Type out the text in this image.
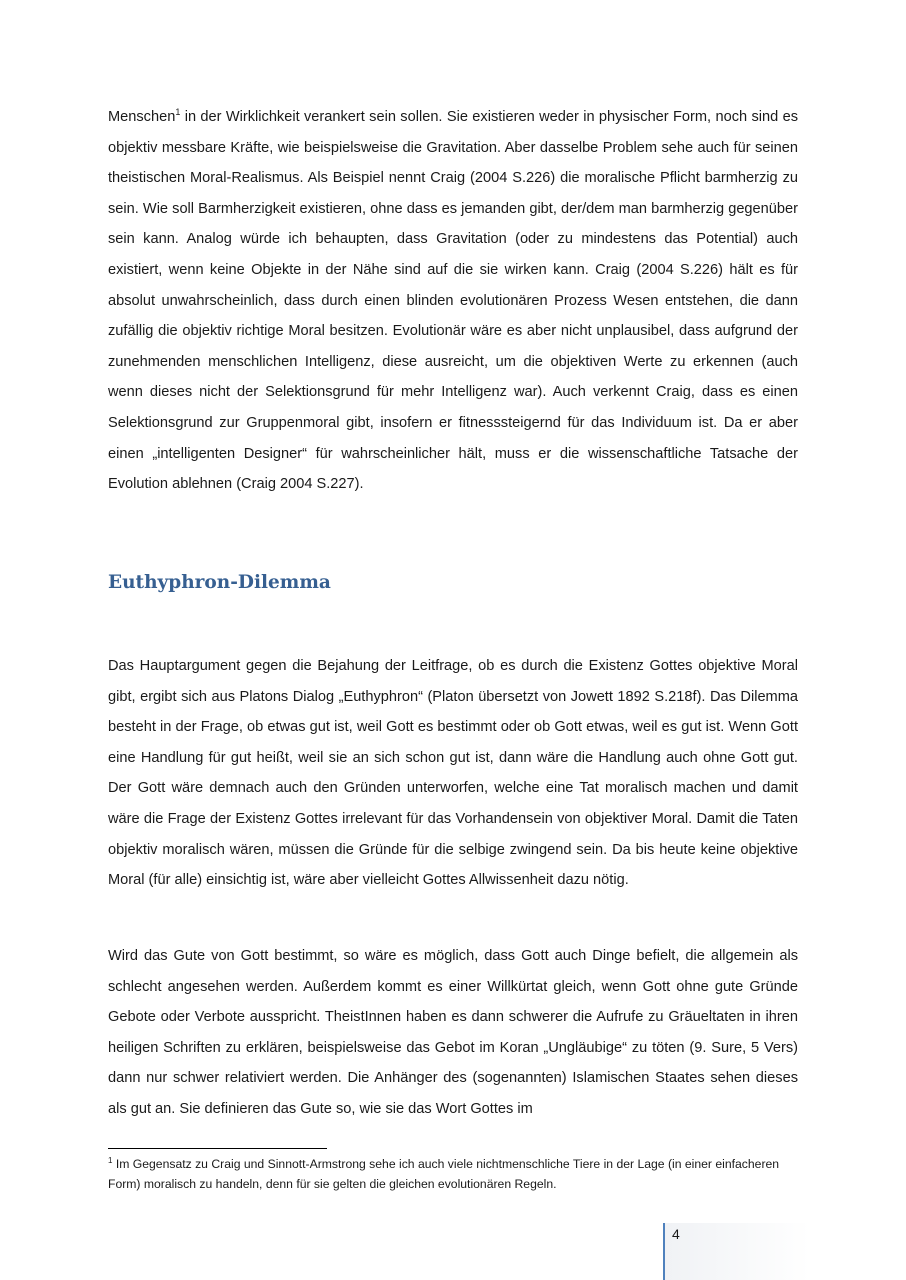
Menschen$^1$ in der Wirklichkeit verankert sein sollen. Sie existieren weder in physischer Form, noch sind es objektiv messbare Kräfte, wie beispielsweise die Gravitation. Aber dasselbe Problem sehe auch für seinen theistischen Moral-Realismus. Als Beispiel nennt Craig (2004 S.226) die moralische Pflicht barmherzig zu sein. Wie soll Barmherzigkeit existieren, ohne dass es jemanden gibt, der/dem man barmherzig gegenüber sein kann. Analog würde ich behaupten, dass Gravitation (oder zu mindestens das Potential) auch existiert, wenn keine Objekte in der Nähe sind auf die sie wirken kann. Craig (2004 S.226) hält es für absolut unwahrscheinlich, dass durch einen blinden evolutionären Prozess Wesen entstehen, die dann zufällig die objektiv richtige Moral besitzen. Evolutionär wäre es aber nicht unplausibel, dass aufgrund der zunehmenden menschlichen Intelligenz, diese ausreicht, um die objektiven Werte zu erkennen (auch wenn dieses nicht der Selektionsgrund für mehr Intelligenz war). Auch verkennt Craig, dass es einen Selektionsgrund zur Gruppenmoral gibt, insofern er fitnesssteigernd für das Individuum ist. Da er aber einen „intelligenten Designer“ für wahrscheinlicher hält, muss er die wissenschaftliche Tatsache der Evolution ablehnen (Craig 2004 S.227).

Euthyphron-Dilemma

Das Hauptargument gegen die Bejahung der Leitfrage, ob es durch die Existenz Gottes objektive Moral gibt, ergibt sich aus Platons Dialog „Euthyphron“ (Platon übersetzt von Jowett 1892 S.218f). Das Dilemma besteht in der Frage, ob etwas gut ist, weil Gott es bestimmt oder ob Gott etwas, weil es gut ist. Wenn Gott eine Handlung für gut heißt, weil sie an sich schon gut ist, dann wäre die Handlung auch ohne Gott gut. Der Gott wäre demnach auch den Gründen unterworfen, welche eine Tat moralisch machen und damit wäre die Frage der Existenz Gottes irrelevant für das Vorhandensein von objektiver Moral. Damit die Taten objektiv moralisch wären, müssen die Gründe für die selbige zwingend sein. Da bis heute keine objektive Moral (für alle) einsichtig ist, wäre aber vielleicht Gottes Allwissenheit dazu nötig.

Wird das Gute von Gott bestimmt, so wäre es möglich, dass Gott auch Dinge befielt, die allgemein als schlecht angesehen werden. Außerdem kommt es einer Willkürtat gleich, wenn Gott ohne gute Gründe Gebote oder Verbote ausspricht. TheistInnen haben es dann schwerer die Aufrufe zu Gräueltaten in ihren heiligen Schriften zu erklären, beispielsweise das Gebot im Koran „Ungläubige“ zu töten (9. Sure, 5 Vers) dann nur schwer relativiert werden. Die Anhänger des (sogenannten) Islamischen Staates sehen dieses als gut an. Sie definieren das Gute so, wie sie das Wort Gottes im

$^1$ Im Gegensatz zu Craig und Sinnott-Armstrong sehe ich auch viele nichtmenschliche Tiere in der Lage (in einer einfacheren Form) moralisch zu handeln, denn für sie gelten die gleichen evolutionären Regeln.

4
